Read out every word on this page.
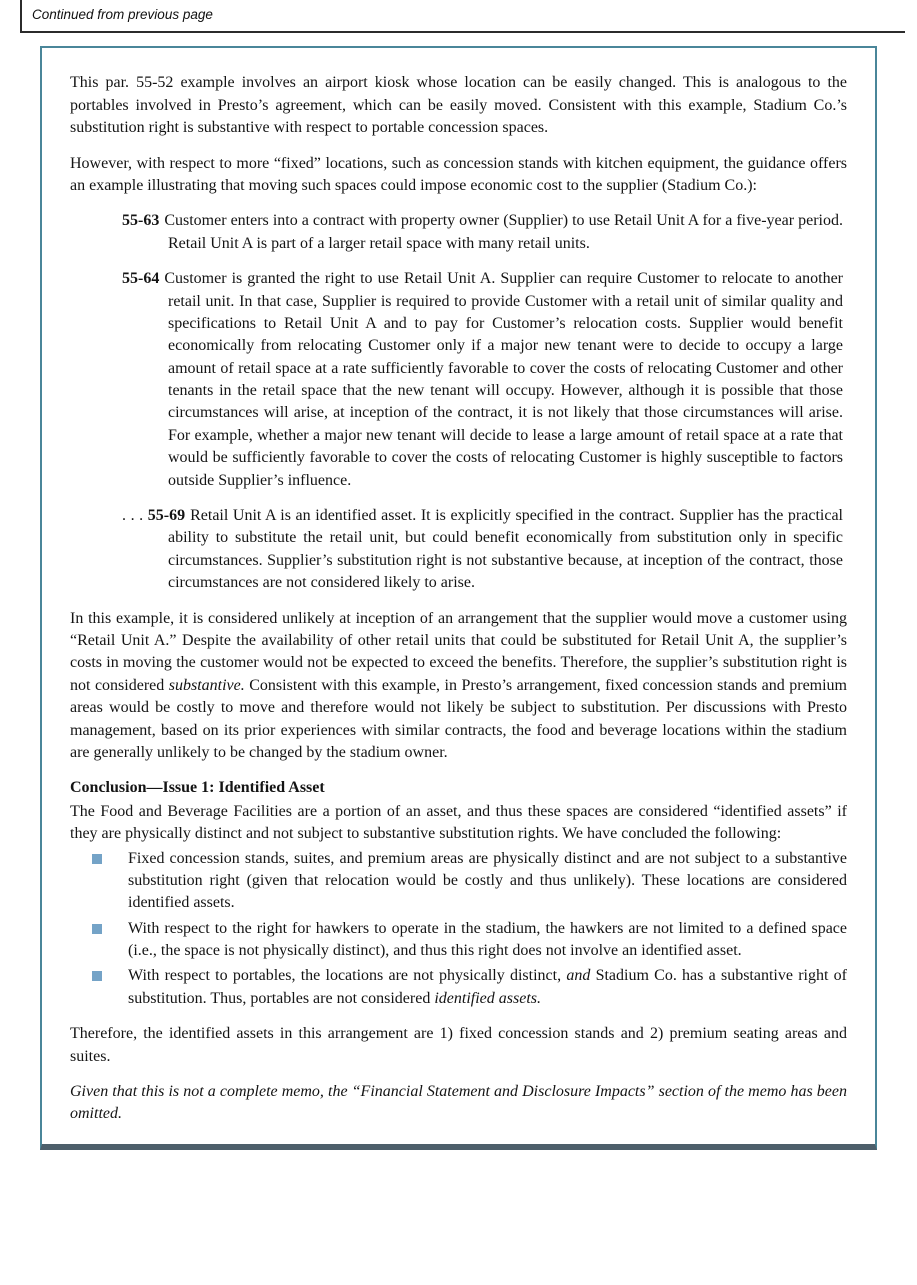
Continued from previous page

This par. 55-52 example involves an airport kiosk whose location can be easily changed. This is analogous to the portables involved in Presto’s agreement, which can be easily moved. Consistent with this example, Stadium Co.’s substitution right is substantive with respect to portable concession spaces.

However, with respect to more “fixed” locations, such as concession stands with kitchen equipment, the guidance offers an example illustrating that moving such spaces could impose economic cost to the supplier (Stadium Co.):

55-63 Customer enters into a contract with property owner (Supplier) to use Retail Unit A for a five-year period. Retail Unit A is part of a larger retail space with many retail units.

55-64 Customer is granted the right to use Retail Unit A. Supplier can require Customer to relocate to another retail unit. In that case, Supplier is required to provide Customer with a retail unit of similar quality and specifications to Retail Unit A and to pay for Customer’s relocation costs. Supplier would benefit economically from relocating Customer only if a major new tenant were to decide to occupy a large amount of retail space at a rate sufficiently favorable to cover the costs of relocating Customer and other tenants in the retail space that the new tenant will occupy. However, although it is possible that those circumstances will arise, at inception of the contract, it is not likely that those circumstances will arise. For example, whether a major new tenant will decide to lease a large amount of retail space at a rate that would be sufficiently favorable to cover the costs of relocating Customer is highly susceptible to factors outside Supplier’s influence.

. . . 55-69 Retail Unit A is an identified asset. It is explicitly specified in the contract. Supplier has the practical ability to substitute the retail unit, but could benefit economically from substitution only in specific circumstances. Supplier’s substitution right is not substantive because, at inception of the contract, those circumstances are not considered likely to arise.

In this example, it is considered unlikely at inception of an arrangement that the supplier would move a customer using “Retail Unit A.” Despite the availability of other retail units that could be substituted for Retail Unit A, the supplier’s costs in moving the customer would not be expected to exceed the benefits. Therefore, the supplier’s substitution right is not considered substantive. Consistent with this example, in Presto’s arrangement, fixed concession stands and premium areas would be costly to move and therefore would not likely be subject to substitution. Per discussions with Presto management, based on its prior experiences with similar contracts, the food and beverage locations within the stadium are generally unlikely to be changed by the stadium owner.

Conclusion—Issue 1: Identified Asset

The Food and Beverage Facilities are a portion of an asset, and thus these spaces are considered “identified assets” if they are physically distinct and not subject to substantive substitution rights. We have concluded the following:

Fixed concession stands, suites, and premium areas are physically distinct and are not subject to a substantive substitution right (given that relocation would be costly and thus unlikely). These locations are considered identified assets.
With respect to the right for hawkers to operate in the stadium, the hawkers are not limited to a defined space (i.e., the space is not physically distinct), and thus this right does not involve an identified asset.
With respect to portables, the locations are not physically distinct, and Stadium Co. has a substantive right of substitution. Thus, portables are not considered identified assets.

Therefore, the identified assets in this arrangement are 1) fixed concession stands and 2) premium seating areas and suites.

Given that this is not a complete memo, the “Financial Statement and Disclosure Impacts” section of the memo has been omitted.
